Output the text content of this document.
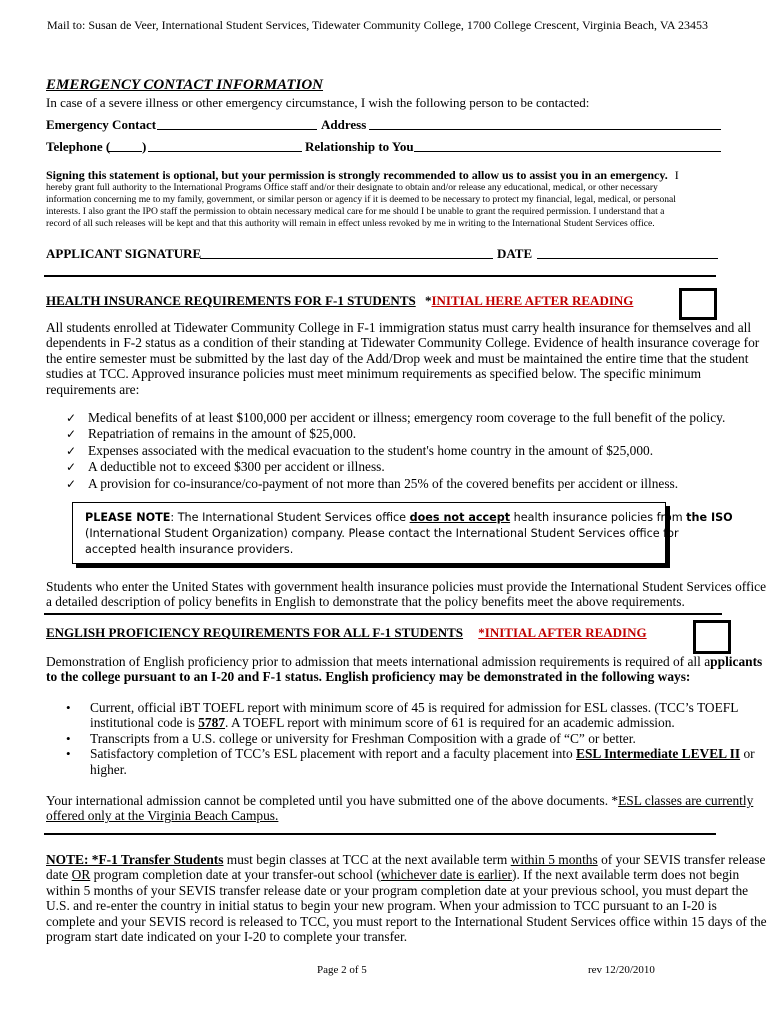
Mail to: Susan de Veer, International Student Services, Tidewater Community College, 1700 College Crescent, Virginia Beach, VA 23453
EMERGENCY CONTACT INFORMATION
In case of a severe illness or other emergency circumstance, I wish the following person to be contacted:
Emergency Contact	Address
Telephone ( )	Relationship to You
Signing this statement is optional, but your permission is strongly recommended to allow us to assist you in an emergency. I
hereby grant full authority to the International Programs Office staff and/or their designate to obtain and/or release any educational, medical, or other necessary
information concerning me to my family, government, or similar person or agency if it is deemed to be necessary to protect my financial, legal, medical, or personal
interests. I also grant the IPO staff the permission to obtain necessary medical care for me should I be unable to grant the required permission. I understand that a
record of all such releases will be kept and that this authority will remain in effect unless revoked by me in writing to the International Student Services office.
APPLICANT SIGNATURE	DATE
HEALTH INSURANCE REQUIREMENTS FOR F-1 STUDENTS *INITIAL HERE AFTER READING
All students enrolled at Tidewater Community College in F-1 immigration status must carry health insurance for themselves and all
dependents in F-2 status as a condition of their standing at Tidewater Community College. Evidence of health insurance coverage for
the entire semester must be submitted by the last day of the Add/Drop week and must be maintained the entire time that the student
studies at TCC. Approved insurance policies must meet minimum requirements as specified below. The specific minimum
requirements are:
✓ Medical benefits of at least $100,000 per accident or illness; emergency room coverage to the full benefit of the policy.
✓ Repatriation of remains in the amount of $25,000.
✓ Expenses associated with the medical evacuation to the student's home country in the amount of $25,000.
✓ A deductible not to exceed $300 per accident or illness.
✓ A provision for co-insurance/co-payment of not more than 25% of the covered benefits per accident or illness.
PLEASE NOTE: The International Student Services office does not accept health insurance policies from the ISO
(International Student Organization) company. Please contact the International Student Services office for
accepted health insurance providers.
Students who enter the United States with government health insurance policies must provide the International Student Services office
a detailed description of policy benefits in English to demonstrate that the policy benefits meet the above requirements.
ENGLISH PROFICIENCY REQUIREMENTS FOR ALL F-1 STUDENTS *INITIAL AFTER READING
Demonstration of English proficiency prior to admission that meets international admission requirements is required of all applicants
to the college pursuant to an I-20 and F-1 status. English proficiency may be demonstrated in the following ways:
• Current, official iBT TOEFL report with minimum score of 45 is required for admission for ESL classes. (TCC’s TOEFL
institutional code is 5787. A TOEFL report with minimum score of 61 is required for an academic admission.
• Transcripts from a U.S. college or university for Freshman Composition with a grade of “C” or better.
• Satisfactory completion of TCC’s ESL placement with report and a faculty placement into ESL Intermediate LEVEL II or
higher.
Your international admission cannot be completed until you have submitted one of the above documents. *ESL classes are currently
offered only at the Virginia Beach Campus.
NOTE: *F-1 Transfer Students must begin classes at TCC at the next available term within 5 months of your SEVIS transfer release
date OR program completion date at your transfer-out school (whichever date is earlier). If the next available term does not begin
within 5 months of your SEVIS transfer release date or your program completion date at your previous school, you must depart the
U.S. and re-enter the country in initial status to begin your new program. When your admission to TCC pursuant to an I-20 is
complete and your SEVIS record is released to TCC, you must report to the International Student Services office within 15 days of the
program start date indicated on your I-20 to complete your transfer.
Page 2 of 5	rev 12/20/2010
